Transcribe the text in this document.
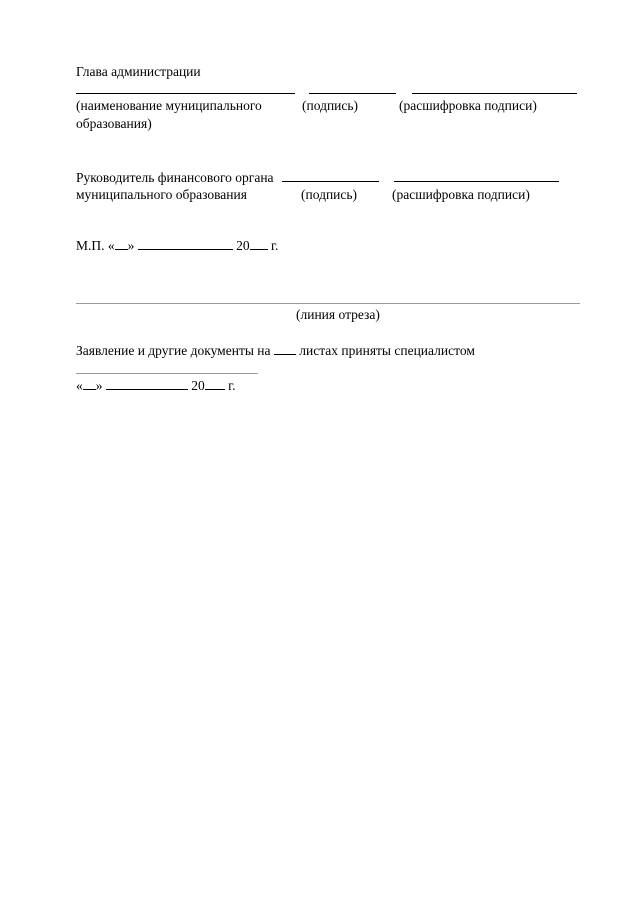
Глава администрации

(наименование муниципального	(подпись)	(расшифровка подписи)
образования)
Руководитель финансового органа
муниципального образования	(подпись)	(расшифровка подписи)
М.П. « »	20 г.
(линия отреза)
Заявление и другие документы на листах приняты специалистом
« »	20 г.
